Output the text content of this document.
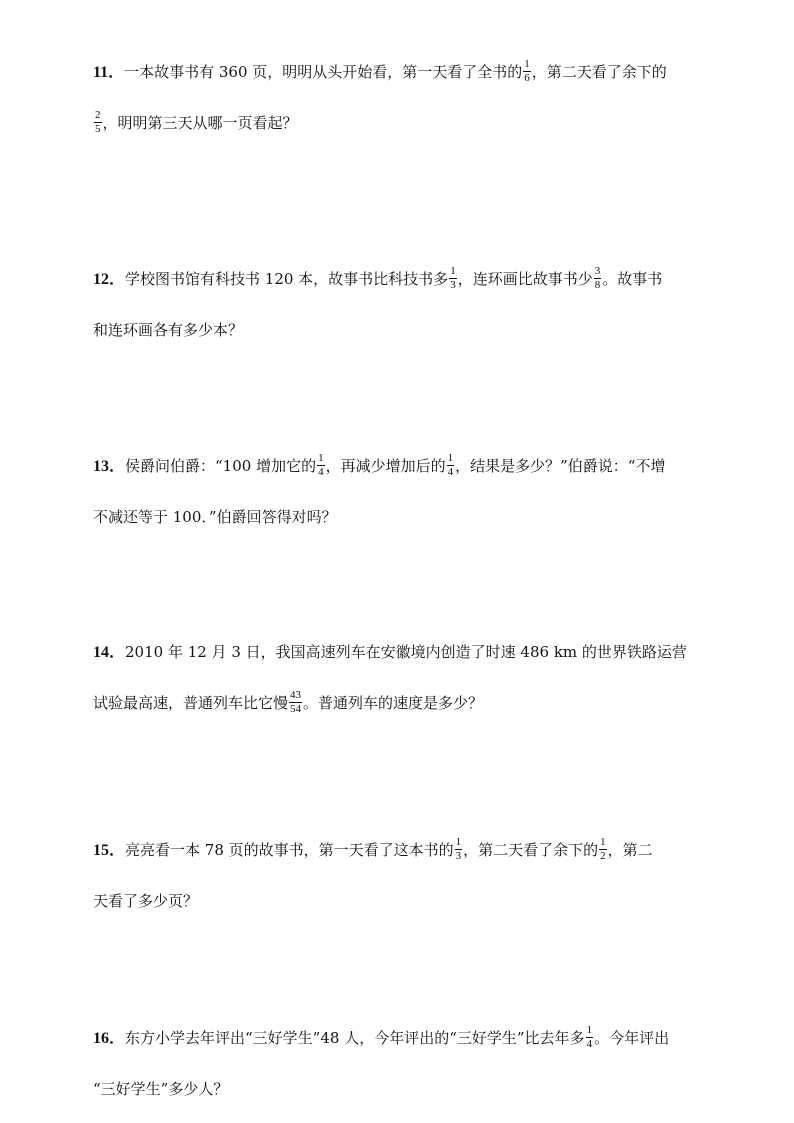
11．一本故事书有 360 页，明明从头开始看，第一天看了全书的 $\frac{1}{6}$ ，第二天看了余下的
$\frac{2}{5}$ ，明明第三天从哪一页看起？
12．学校图书馆有科技书 120 本，故事书比科技书多 $\frac{1}{3}$ ，连环画比故事书少 $\frac{3}{8}$ 。故事书
和连环画各有多少本？
13．侯爵问伯爵：“100 增加它的 $\frac{1}{4}$ ，再减少增加后的 $\frac{1}{4}$ ，结果是多少？”伯爵说：“不增
不减还等于 100．”伯爵回答得对吗？
14．2010 年 12 月 3 日，我国高速列车在安徽境内创造了时速 486 km 的世界铁路运营
试验最高速，普通列车比它慢 $\frac{43}{54}$ 。普通列车的速度是多少？
15．亮亮看一本 78 页的故事书，第一天看了这本书的 $\frac{1}{3}$ ，第二天看了余下的 $\frac{1}{2}$ ，第二
天看了多少页？
16．东方小学去年评出“三好学生”48 人，今年评出的“三好学生”比去年多 $\frac{1}{4}$ 。今年评出
“三好学生”多少人？
